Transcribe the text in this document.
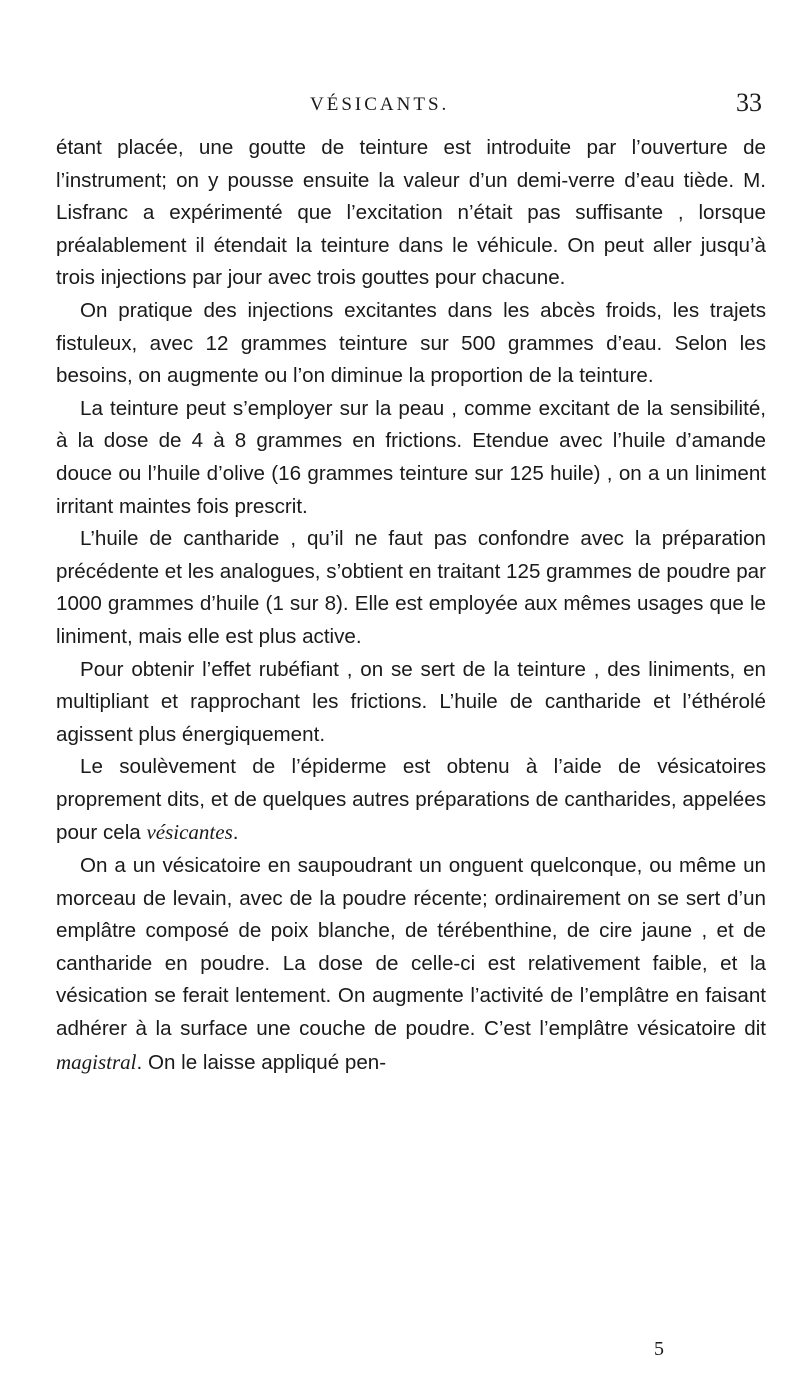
VÉSICANTS.	33

étant placée, une goutte de teinture est introduite par l’ouverture de l’instrument; on y pousse ensuite la valeur d’un demi-verre d’eau tiède. M. Lisfranc a expérimenté que l’excitation n’était pas suffisante , lorsque préalablement il étendait la teinture dans le véhicule. On peut aller jusqu’à trois injections par jour avec trois gouttes pour chacune.

On pratique des injections excitantes dans les abcès froids, les trajets fistuleux, avec 12 grammes teinture sur 500 grammes d’eau. Selon les besoins, on augmente ou l’on diminue la proportion de la teinture.

La teinture peut s’employer sur la peau , comme excitant de la sensibilité, à la dose de 4 à 8 grammes en frictions. Etendue avec l’huile d’amande douce ou l’huile d’olive (16 grammes teinture sur 125 huile) , on a un liniment irritant maintes fois prescrit.

L’huile de cantharide , qu’il ne faut pas confondre avec la préparation précédente et les analogues, s’obtient en traitant 125 grammes de poudre par 1000 grammes d’huile (1 sur 8). Elle est employée aux mêmes usages que le liniment, mais elle est plus active.

Pour obtenir l’effet rubéfiant , on se sert de la teinture , des liniments, en multipliant et rapprochant les frictions. L’huile de cantharide et l’éthérolé agissent plus énergiquement.

Le soulèvement de l’épiderme est obtenu à l’aide de vésicatoires proprement dits, et de quelques autres préparations de cantharides, appelées pour cela vésicantes.

On a un vésicatoire en saupoudrant un onguent quelconque, ou même un morceau de levain, avec de la poudre récente; ordinairement on se sert d’un emplâtre composé de poix blanche, de térébenthine, de cire jaune , et de cantharide en poudre. La dose de celle-ci est relativement faible, et la vésication se ferait lentement. On augmente l’activité de l’emplâtre en faisant adhérer à la surface une couche de poudre. C’est l’emplâtre vésicatoire dit magistral. On le laisse appliqué pen-

5
